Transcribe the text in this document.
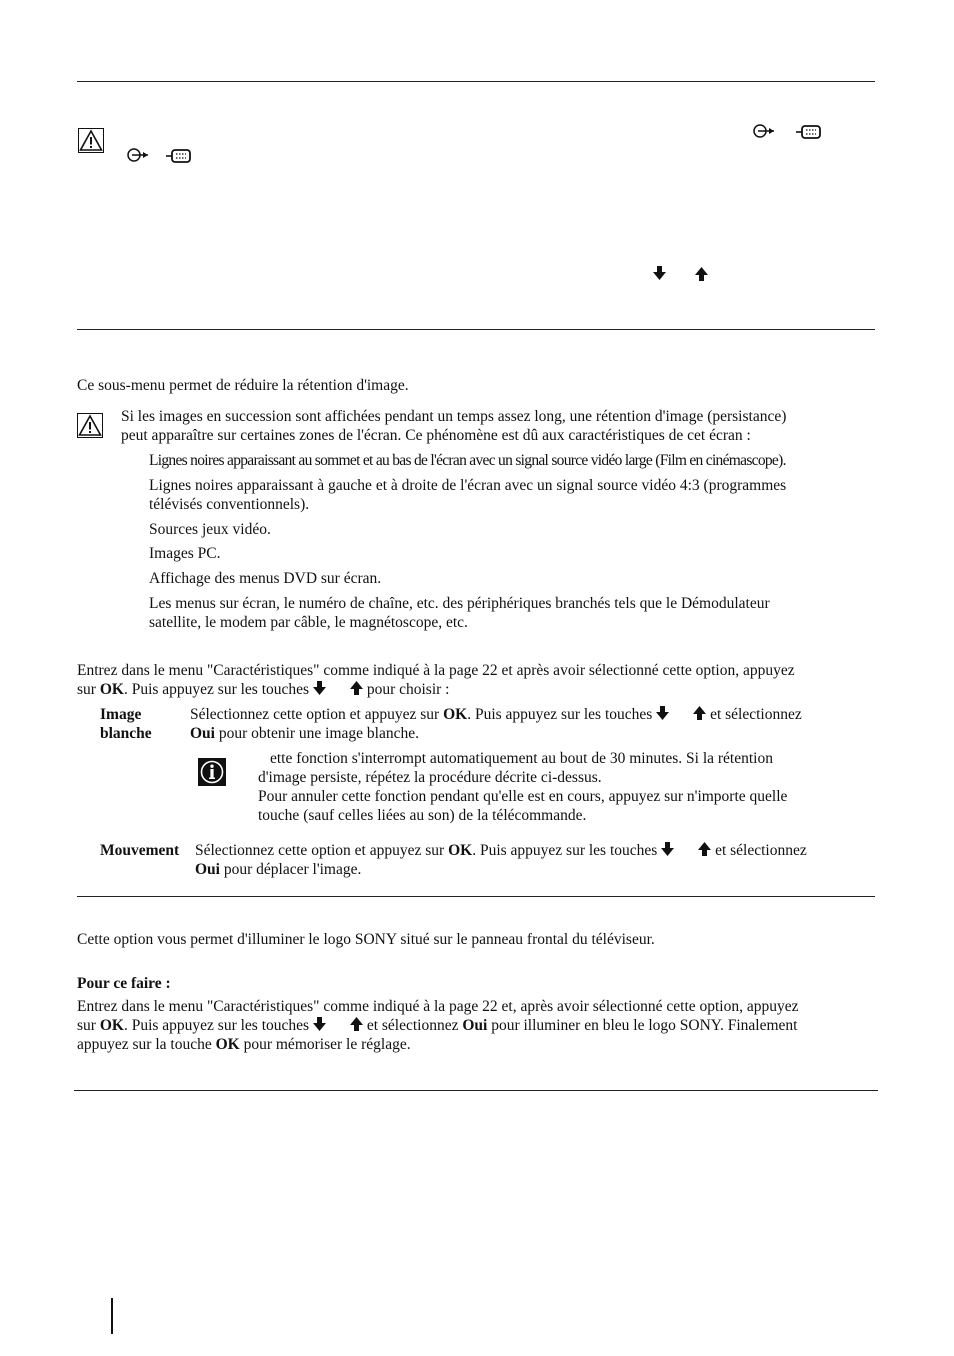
Ce sous-menu permet de réduire la rétention d'image.
Si les images en succession sont affichées pendant un temps assez long, une rétention d'image (persistance)
peut apparaître sur certaines zones de l'écran. Ce phénomène est dû aux caractéristiques de cet écran :
Lignes noires apparaissant au sommet et au bas de l'écran avec un signal source vidéo large (Film en cinémascope).
Lignes noires apparaissant à gauche et à droite de l'écran avec un signal source vidéo 4:3 (programmes
télévisés conventionnels).
Sources jeux vidéo.
Images PC.
Affichage des menus DVD sur écran.
Les menus sur écran, le numéro de chaîne, etc. des périphériques branchés tels que le Démodulateur
satellite, le modem par câble, le magnétoscope, etc.
Entrez dans le menu "Caractéristiques" comme indiqué à la page 22 et après avoir sélectionné cette option, appuyez
sur OK. Puis appuyez sur les touches	pour choisir :
Image
blanche
Sélectionnez cette option et appuyez sur OK. Puis appuyez sur les touches	et sélectionnez
Oui pour obtenir une image blanche.
ette fonction s'interrompt automatiquement au bout de 30 minutes. Si la rétention
d'image persiste, répétez la procédure décrite ci-dessus.
Pour annuler cette fonction pendant qu'elle est en cours, appuyez sur n'importe quelle
touche (sauf celles liées au son) de la télécommande.
Mouvement Sélectionnez cette option et appuyez sur OK. Puis appuyez sur les touches	et sélectionnez
Oui pour déplacer l'image.
Cette option vous permet d'illuminer le logo SONY situé sur le panneau frontal du téléviseur.
Pour ce faire :
Entrez dans le menu "Caractéristiques" comme indiqué à la page 22 et, après avoir sélectionné cette option, appuyez
sur OK. Puis appuyez sur les touches	et sélectionnez Oui pour illuminer en bleu le logo SONY. Finalement
appuyez sur la touche OK pour mémoriser le réglage.
